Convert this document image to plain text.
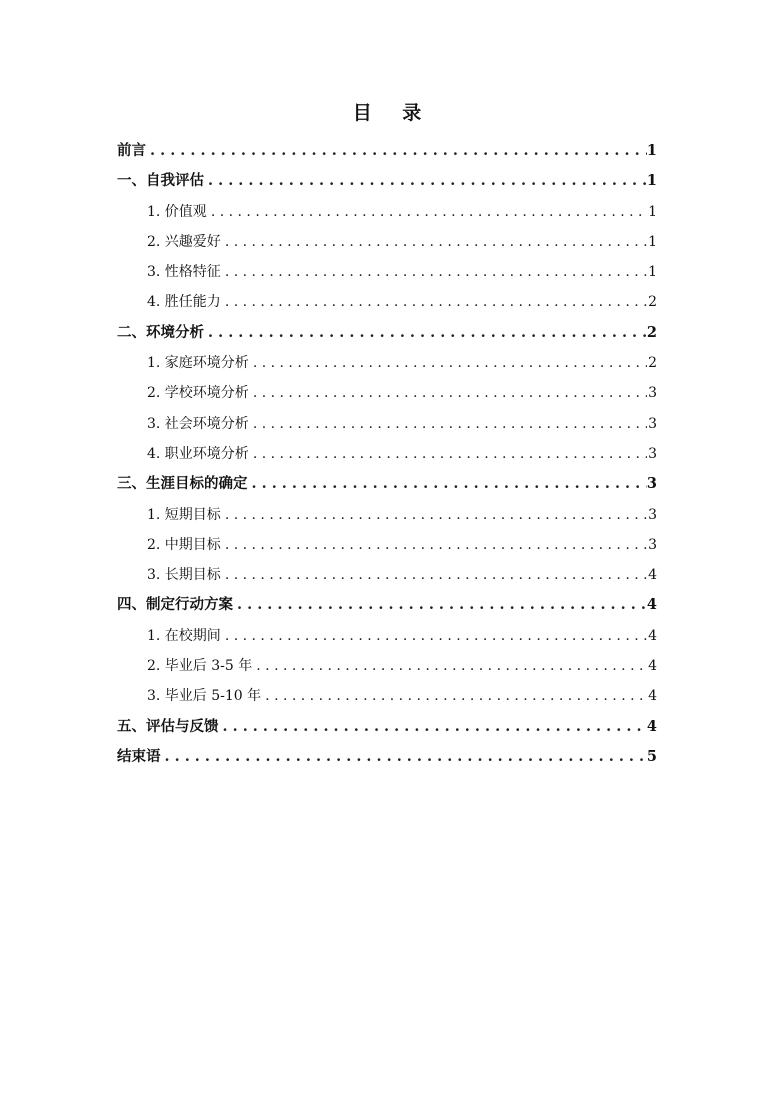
目 录
前言 . . .	1
一、自我评估 . . .	1
1. 价值观 . . .	1
2. 兴趣爱好 . . .	1
3. 性格特征 . . .	1
4. 胜任能力 . . .	2
二、环境分析 . . .	2
1. 家庭环境分析 . . .	2
2. 学校环境分析 . . .	3
3. 社会环境分析 . . .	3
4. 职业环境分析 . . .	3
三、生涯目标的确定 . . .	3
1. 短期目标 . . .	3
2. 中期目标 . . .	3
3. 长期目标 . . .	4
四、制定行动方案 . . .	4
1. 在校期间 . . .	4
2. 毕业后 3-5 年 . . .	4
3. 毕业后 5-10 年 . . .	4
五、评估与反馈 . . .	4
结束语 . . .	5
